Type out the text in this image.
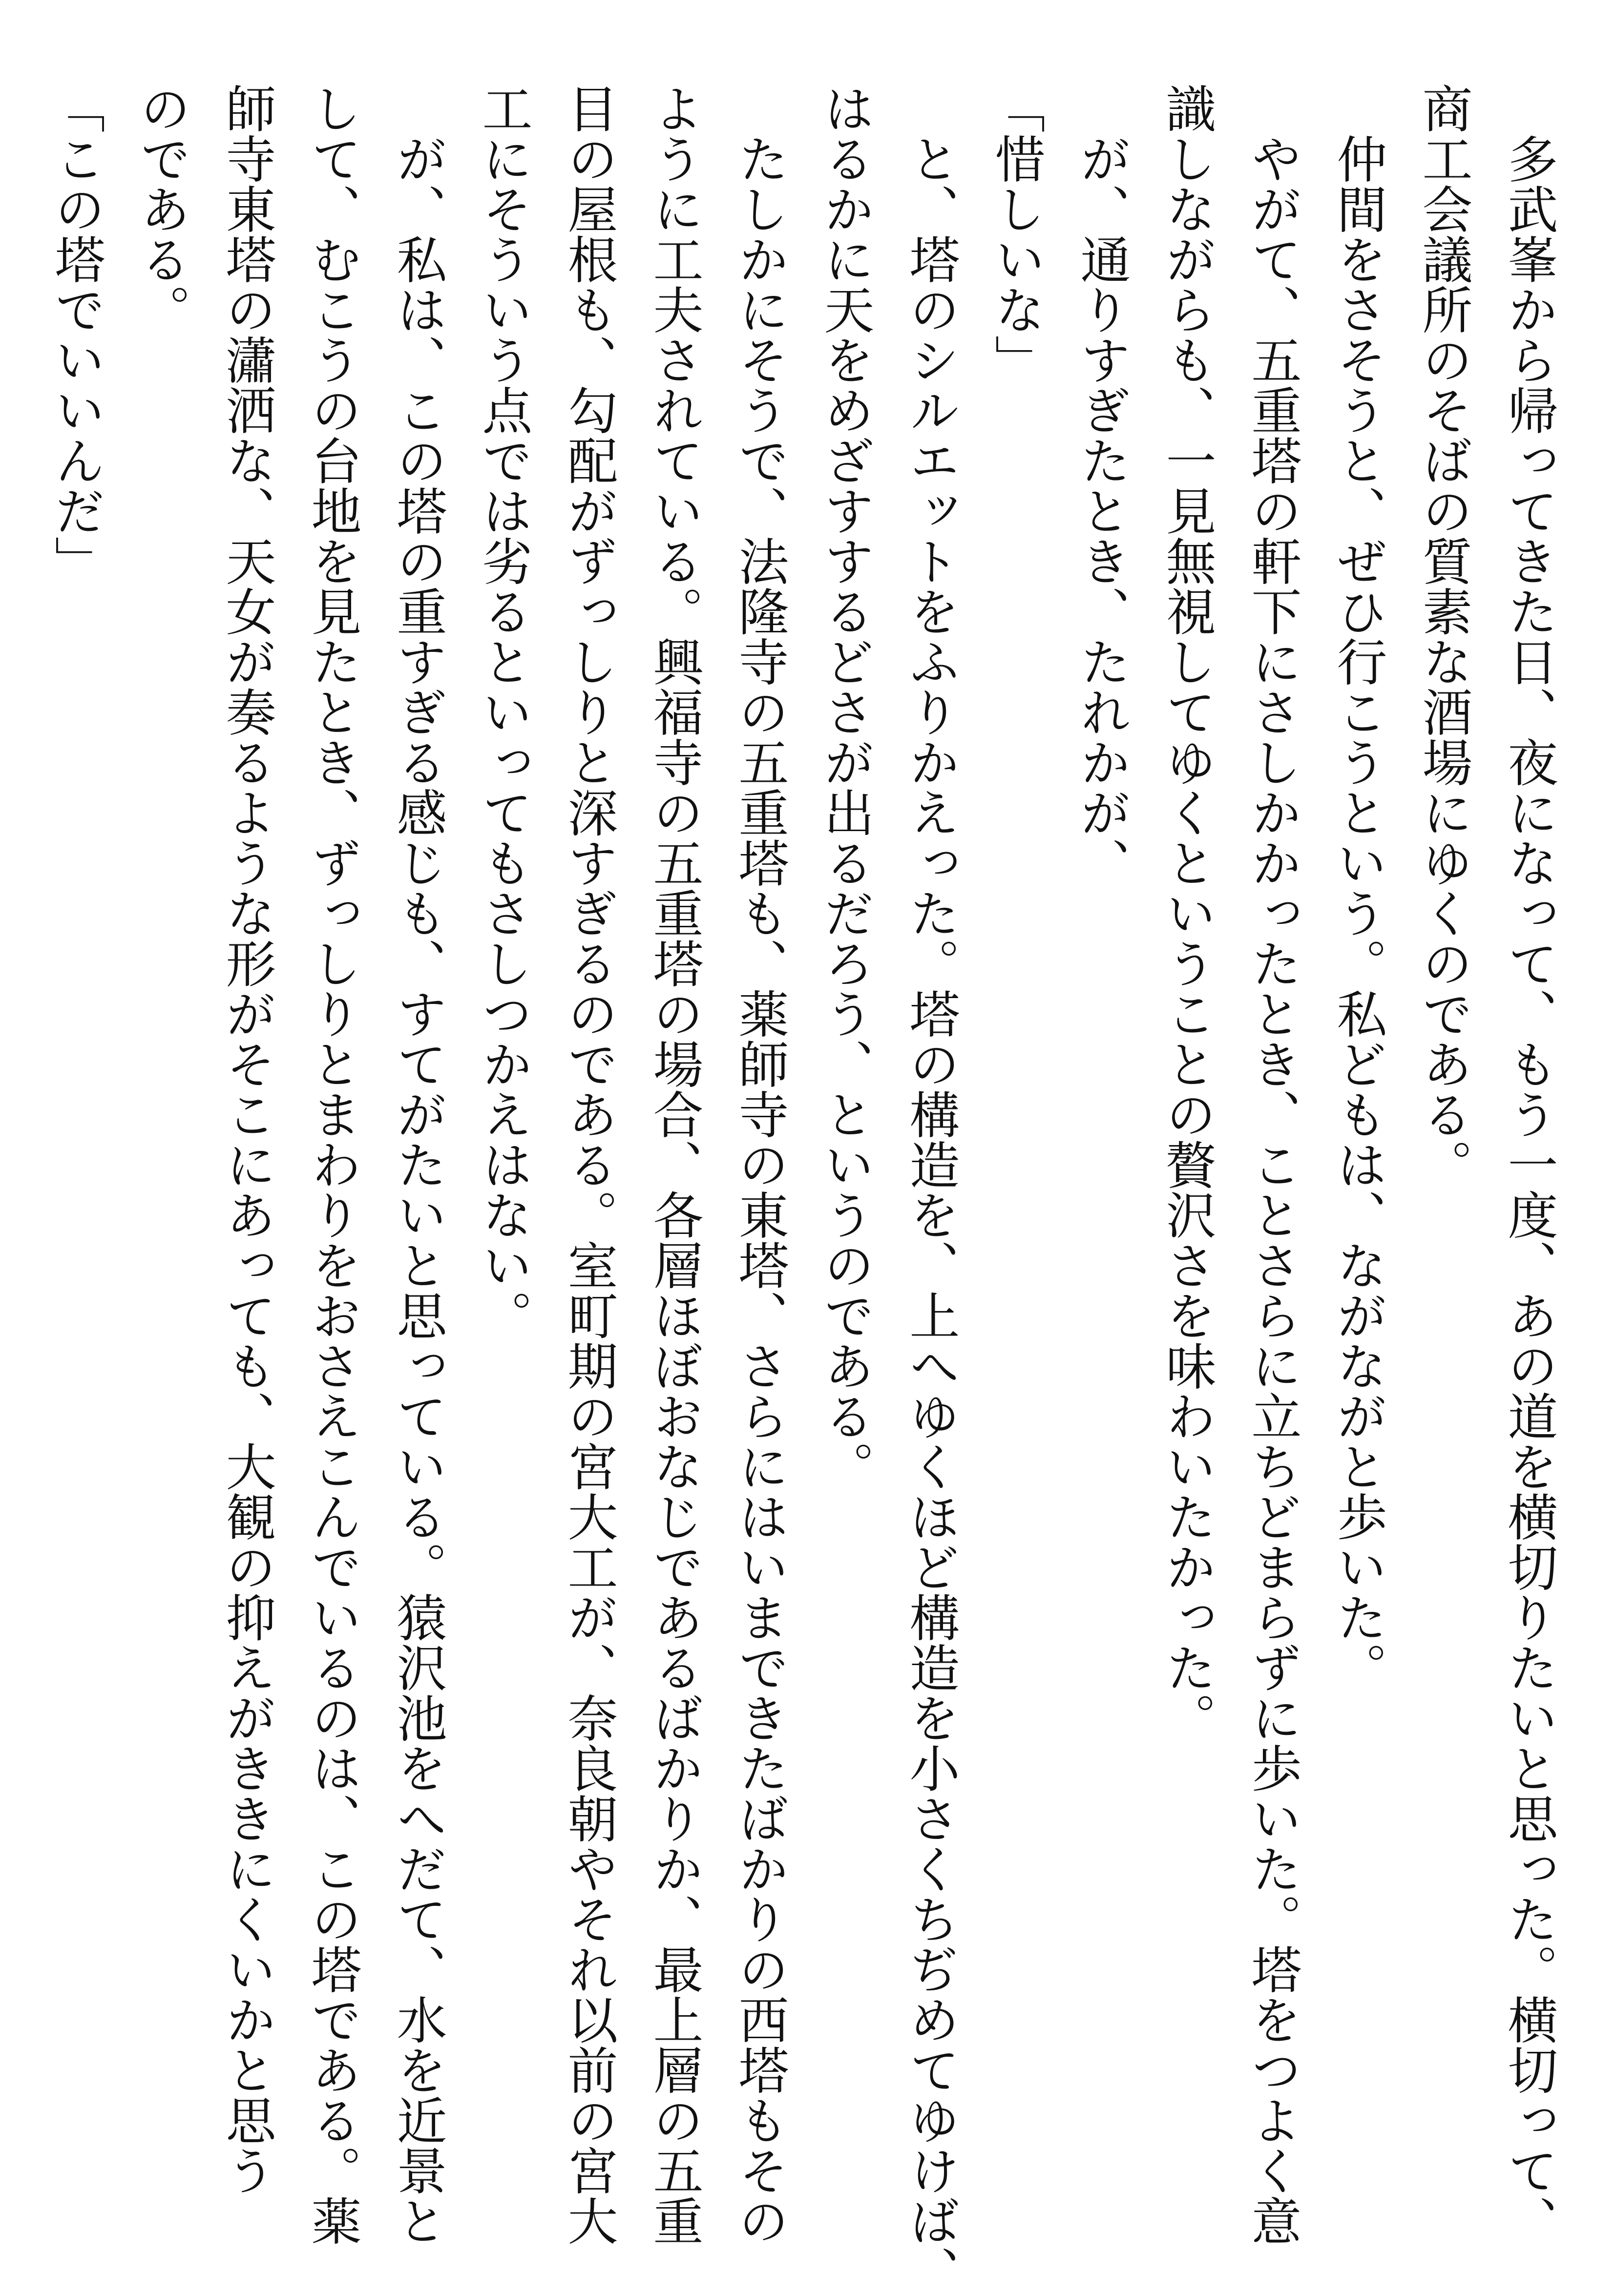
　多武峯から帰ってきた日、夜になって、もう一度、あの道を横切りたいと思った。横切って、
商工会議所のそばの質素な酒場にゆくのである。
　仲間をさそうと、ぜひ行こうという。私どもは、ながながと歩いた。
　やがて、五重塔の軒下にさしかかったとき、ことさらに立ちどまらずに歩いた。塔をつよく意
識しながらも、一見無視してゆくということの贅沢さを味わいたかった。
　が、通りすぎたとき、たれかが、
「惜しいな」
　と、塔のシルエットをふりかえった。塔の構造を、上へゆくほど構造を小さくちぢめてゆけば、
はるかに天をめざすするどさが出るだろう、というのである。
　たしかにそうで、法隆寺の五重塔も、薬師寺の東塔、さらにはいまできたばかりの西塔もその
ように工夫されている。興福寺の五重塔の場合、各層ほぼおなじであるばかりか、最上層の五重
目の屋根も、勾配がずっしりと深すぎるのである。室町期の宮大工が、奈良朝やそれ以前の宮大
工にそういう点では劣るといってもさしつかえはない。
　が、私は、この塔の重すぎる感じも、すてがたいと思っている。猿沢池をへだて、水を近景と
して、むこうの台地を見たとき、ずっしりとまわりをおさえこんでいるのは、この塔である。薬
師寺東塔の瀟洒な、天女が奏るような形がそこにあっても、大観の抑えがききにくいかと思う
のである。
「この塔でいいんだ」
